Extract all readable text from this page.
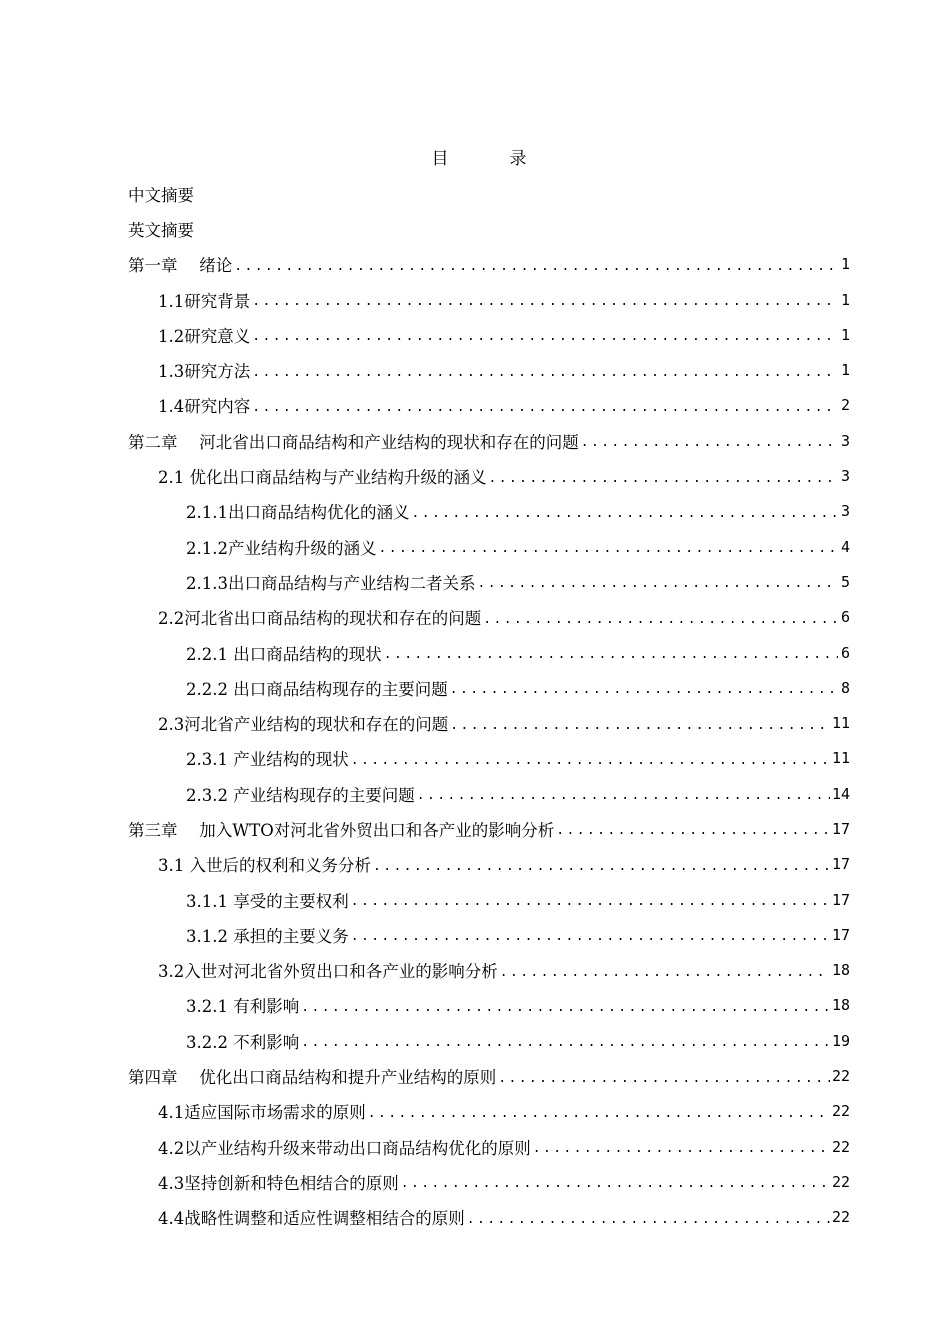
目　录
中文摘要
英文摘要
第一章　 绪论 .....	1
1.1研究背景 .....	1
1.2研究意义 .....	1
1.3研究方法 .....	1
1.4研究内容 .....	2
第二章　 河北省出口商品结构和产业结构的现状和存在的问题 .....	3
2.1 优化出口商品结构与产业结构升级的涵义 .....	3
2.1.1出口商品结构优化的涵义 .....	3
2.1.2产业结构升级的涵义 .....	4
2.1.3出口商品结构与产业结构二者关系 .....	5
2.2河北省出口商品结构的现状和存在的问题 .....	6
2.2.1 出口商品结构的现状 .....	6
2.2.2 出口商品结构现存的主要问题 .....	8
2.3河北省产业结构的现状和存在的问题 .....	11
2.3.1 产业结构的现状 .....	11
2.3.2 产业结构现存的主要问题 .....	14
第三章　 加入WTO对河北省外贸出口和各产业的影响分析 .....	17
3.1 入世后的权利和义务分析 .....	17
3.1.1 享受的主要权利 .....	17
3.1.2 承担的主要义务 .....	17
3.2入世对河北省外贸出口和各产业的影响分析 .....	18
3.2.1 有利影响 .....	18
3.2.2 不利影响 .....	19
第四章　 优化出口商品结构和提升产业结构的原则 .....	22
4.1适应国际市场需求的原则 .....	22
4.2以产业结构升级来带动出口商品结构优化的原则 .....	22
4.3坚持创新和特色相结合的原则 .....	22
4.4战略性调整和适应性调整相结合的原则 .....	22
